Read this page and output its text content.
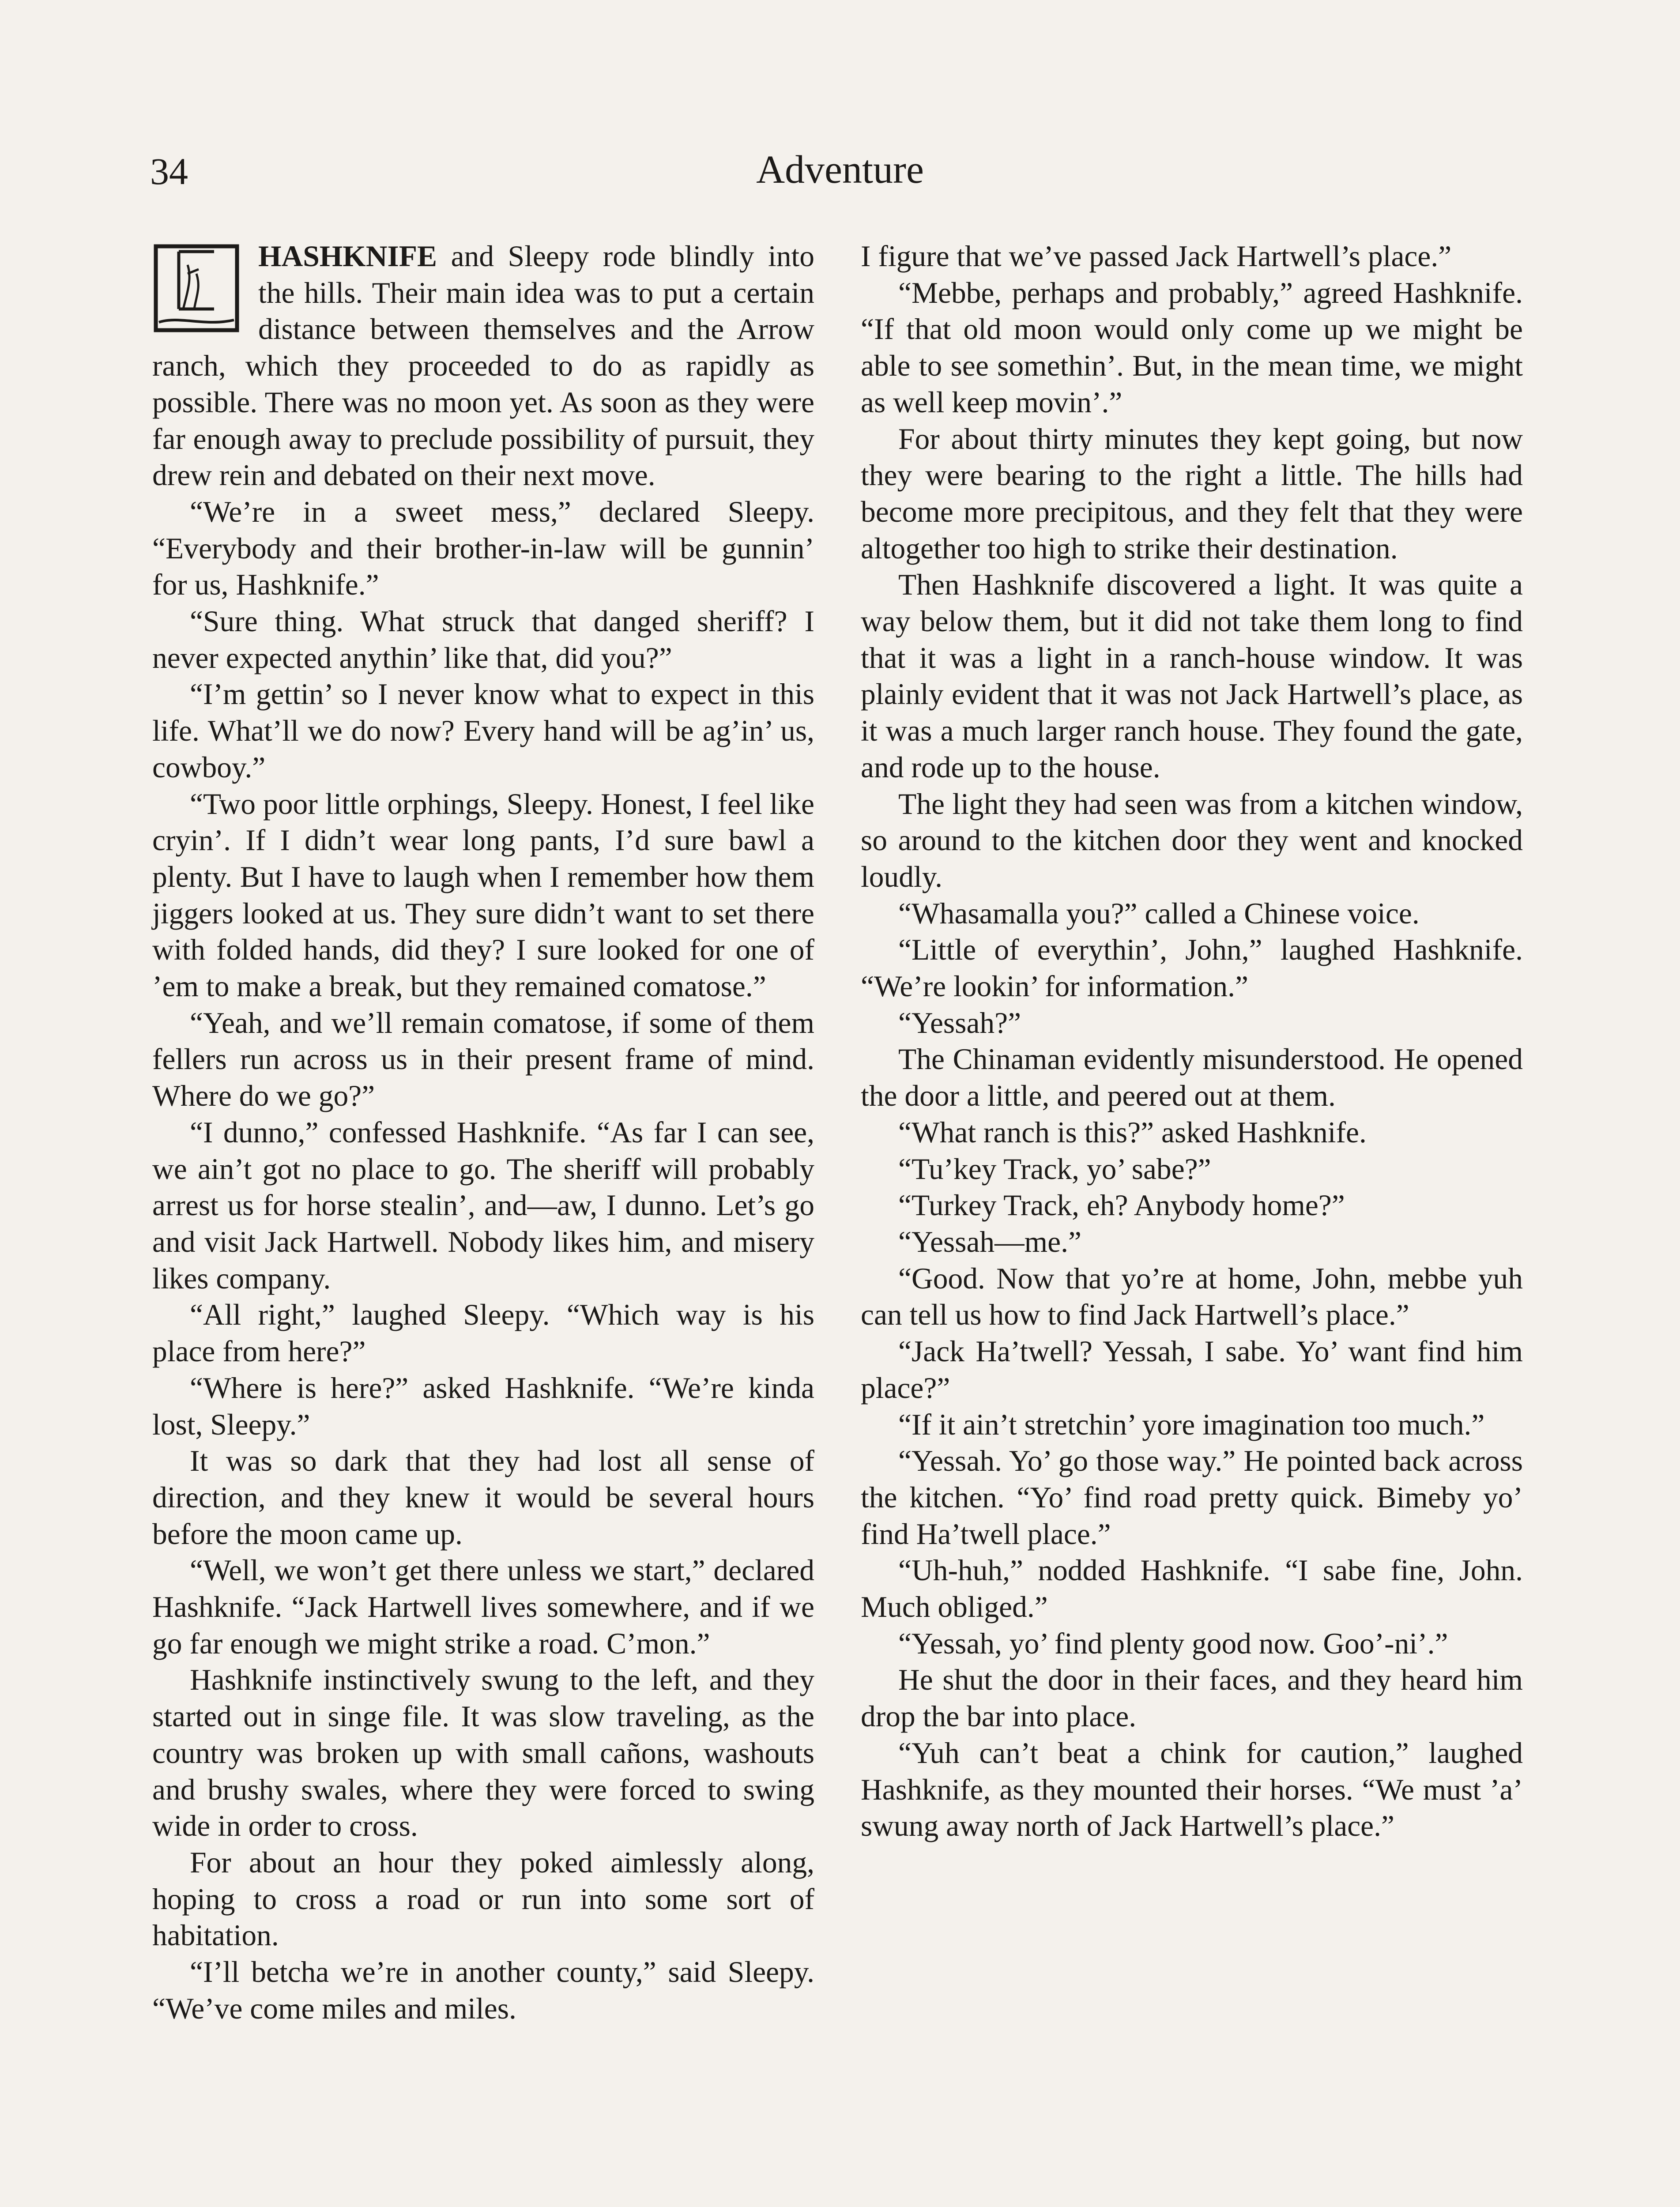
34	Adventure

HASHKNIFE and Sleepy rode blindly into the hills. Their main idea was to put a certain distance between themselves and the Arrow ranch, which they proceeded to do as rapidly as possible. There was no moon yet. As soon as they were far enough away to preclude possibility of pursuit, they drew rein and debated on their next move.

“We’re in a sweet mess,” declared Sleepy. “Everybody and their brother-in-law will be gunnin’ for us, Hashknife.”

“Sure thing. What struck that danged sheriff? I never expected anythin’ like that, did you?”

“I’m gettin’ so I never know what to expect in this life. What’ll we do now? Every hand will be ag’in’ us, cowboy.”

“Two poor little orphings, Sleepy. Honest, I feel like cryin’. If I didn’t wear long pants, I’d sure bawl a plenty. But I have to laugh when I remember how them jiggers looked at us. They sure didn’t want to set there with folded hands, did they? I sure looked for one of ’em to make a break, but they remained comatose.”

“Yeah, and we’ll remain comatose, if some of them fellers run across us in their present frame of mind. Where do we go?”

“I dunno,” confessed Hashknife. “As far I can see, we ain’t got no place to go. The sheriff will probably arrest us for horse stealin’, and—aw, I dunno. Let’s go and visit Jack Hartwell. Nobody likes him, and misery likes company.

“All right,” laughed Sleepy. “Which way is his place from here?”

“Where is here?” asked Hashknife. “We’re kinda lost, Sleepy.”

It was so dark that they had lost all sense of direction, and they knew it would be several hours before the moon came up.

“Well, we won’t get there unless we start,” declared Hashknife. “Jack Hartwell lives somewhere, and if we go far enough we might strike a road. C’mon.”

Hashknife instinctively swung to the left, and they started out in singe file. It was slow traveling, as the country was broken up with small cañons, washouts and brushy swales, where they were forced to swing wide in order to cross.

For about an hour they poked aimlessly along, hoping to cross a road or run into some sort of habitation.

“I’ll betcha we’re in another county,” said Sleepy. “We’ve come miles and miles.

I figure that we’ve passed Jack Hartwell’s place.”

“Mebbe, perhaps and probably,” agreed Hashknife. “If that old moon would only come up we might be able to see somethin’. But, in the mean time, we might as well keep movin’.”

For about thirty minutes they kept going, but now they were bearing to the right a little. The hills had become more precipitous, and they felt that they were altogether too high to strike their destination.

Then Hashknife discovered a light. It was quite a way below them, but it did not take them long to find that it was a light in a ranch-house window. It was plainly evident that it was not Jack Hartwell’s place, as it was a much larger ranch house. They found the gate, and rode up to the house.

The light they had seen was from a kitchen window, so around to the kitchen door they went and knocked loudly.

“Whasamalla you?” called a Chinese voice.

“Little of everythin’, John,” laughed Hashknife. “We’re lookin’ for information.”

“Yessah?”

The Chinaman evidently misunderstood. He opened the door a little, and peered out at them.

“What ranch is this?” asked Hashknife.

“Tu’key Track, yo’ sabe?”

“Turkey Track, eh? Anybody home?”

“Yessah—me.”

“Good. Now that yo’re at home, John, mebbe yuh can tell us how to find Jack Hartwell’s place.”

“Jack Ha’twell? Yessah, I sabe. Yo’ want find him place?”

“If it ain’t stretchin’ yore imagination too much.”

“Yessah. Yo’ go those way.” He pointed back across the kitchen. “Yo’ find road pretty quick. Bimeby yo’ find Ha’twell place.”

“Uh-huh,” nodded Hashknife. “I sabe fine, John. Much obliged.”

“Yessah, yo’ find plenty good now. Goo’-ni’.”

He shut the door in their faces, and they heard him drop the bar into place.

“Yuh can’t beat a chink for caution,” laughed Hashknife, as they mounted their horses. “We must ’a’ swung away north of Jack Hartwell’s place.”
